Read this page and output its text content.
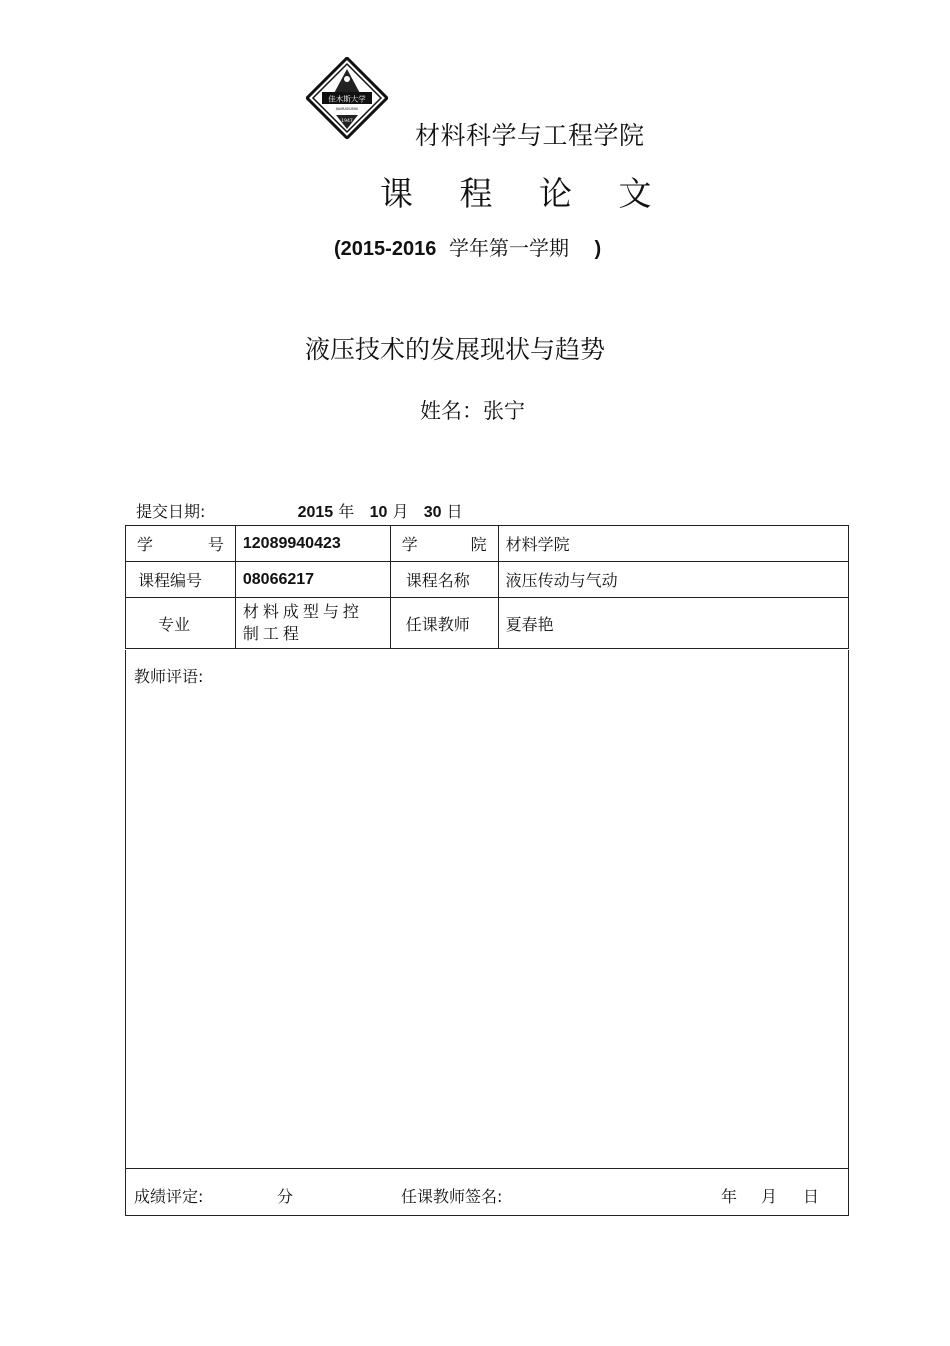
佳木斯大学
JIAMUSIUNIV
1947 材料科学与工程学院
课 程 论 文
(2015-2016 学年第一学期 )
液压技术的发展现状与趋势
姓名：张宁
提交日期:	2015 年 10 月 30 日
学 号	12089940423	学 院	材料学院
课程编号	08066217	课程名称	液压传动与气动
专业	材料成型与控制工程	任课教师	夏春艳
教师评语:
成绩评定:	分	任课教师签名:	年 月 日
